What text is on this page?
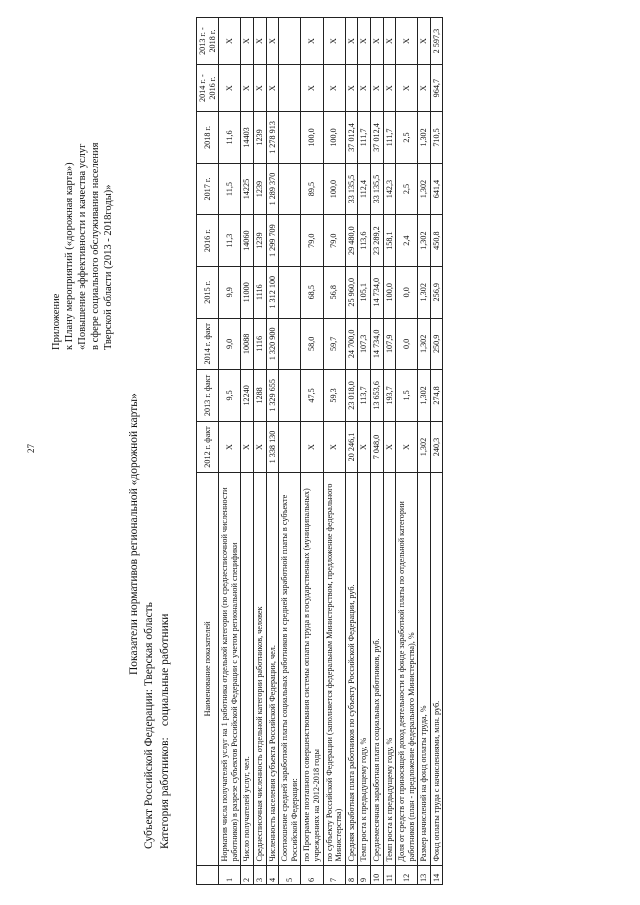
27
Приложение к Плану мероприятий («дорожная карта») «Повышение эффективности и качества услуг в сфере социального обслуживания населения Тверской области (2013 - 2018годы)»
Показатели нормативов региональной «дорожной карты»
Субъект Российской Федерации: Тверская область
Категория работников: социальные работники
		Наименование показателей	2012 г. факт	2013 г. факт	2014 г. факт	2015 г.	2016 г.	2017 г.	2018 г.	2014 г. - 2016 г.	2013 г. - 2018 г.
1	Норматив числа получателей услуг на 1 работника отдельной категории (по среднесписочной численности работников) в разрезе субъектов Российской Федерации с учетом региональной специфики	X	9,5	9,0	9,9	11,3	11,5	11,6	X	X
2	Число получателей услуг, чел.	X	12240	10088	11000	14060	14225	14403	X	X
3	Среднесписочная численность отдельной категории работников, человек	X	1288	1116	1116	1239	1239	1239	X	X
4	Численность населения субъекта Российской Федерации, чел.	1 338 130	1 329 655	1 320 900	1 312 100	1 299 709	1 289 370	1 278 913	X	X
5	Соотношение средней заработной платы социальных работников и средней заработной платы в субъекте Российской Федерации:									
6	по Программе поэтапного совершенствования системы оплаты труда в государственных (муниципальных) учреждениях на 2012-2018 годы	X	47,5	58,0	68,5	79,0	89,5	100,0	X	X
7	по субъекту Российской Федерации (заполняется федеральным Министерством, предложение федерального Министерства)	X	59,3	59,7	56,8	79,0	100,0	100,0	X	X
8	Средняя заработная плата работников по субъекту Российской Федерации, руб.	20 246,1	23 018,0	24 700,0	25 960,0	29 480,0	33 135,5	37 012,4	X	X
9	Темп роста к предыдущему году, %	X	113,7	107,3	105,1	113,6	112,4	111,7	X	X
10	Среднемесячная заработная плата социальных работников, руб.	7 048,0	13 653,6	14 734,0	14 734,0	23 289,2	33 135,5	37 012,4	X	X
11	Темп роста к предыдущему году, %	X	193,7	107,9	100,0	158,1	142,3	111,7	X	X
12	Доля от средств от приносящей доход деятельности в фонде заработной платы по отдельной категории работников (план - предложение федерального Министерства), %	X	1,5	0,0	0,0	2,4	2,5	2,5	X	X
13	Размер начислений на фонд оплаты труда, %	1,302	1,302	1,302	1,302	1,302	1,302	1,302	X	X
14	Фонд оплаты труда с начислениями, млн. руб.	240,3	274,8	250,9	256,9	450,8	641,4	710,5	964,7	2 597,3
